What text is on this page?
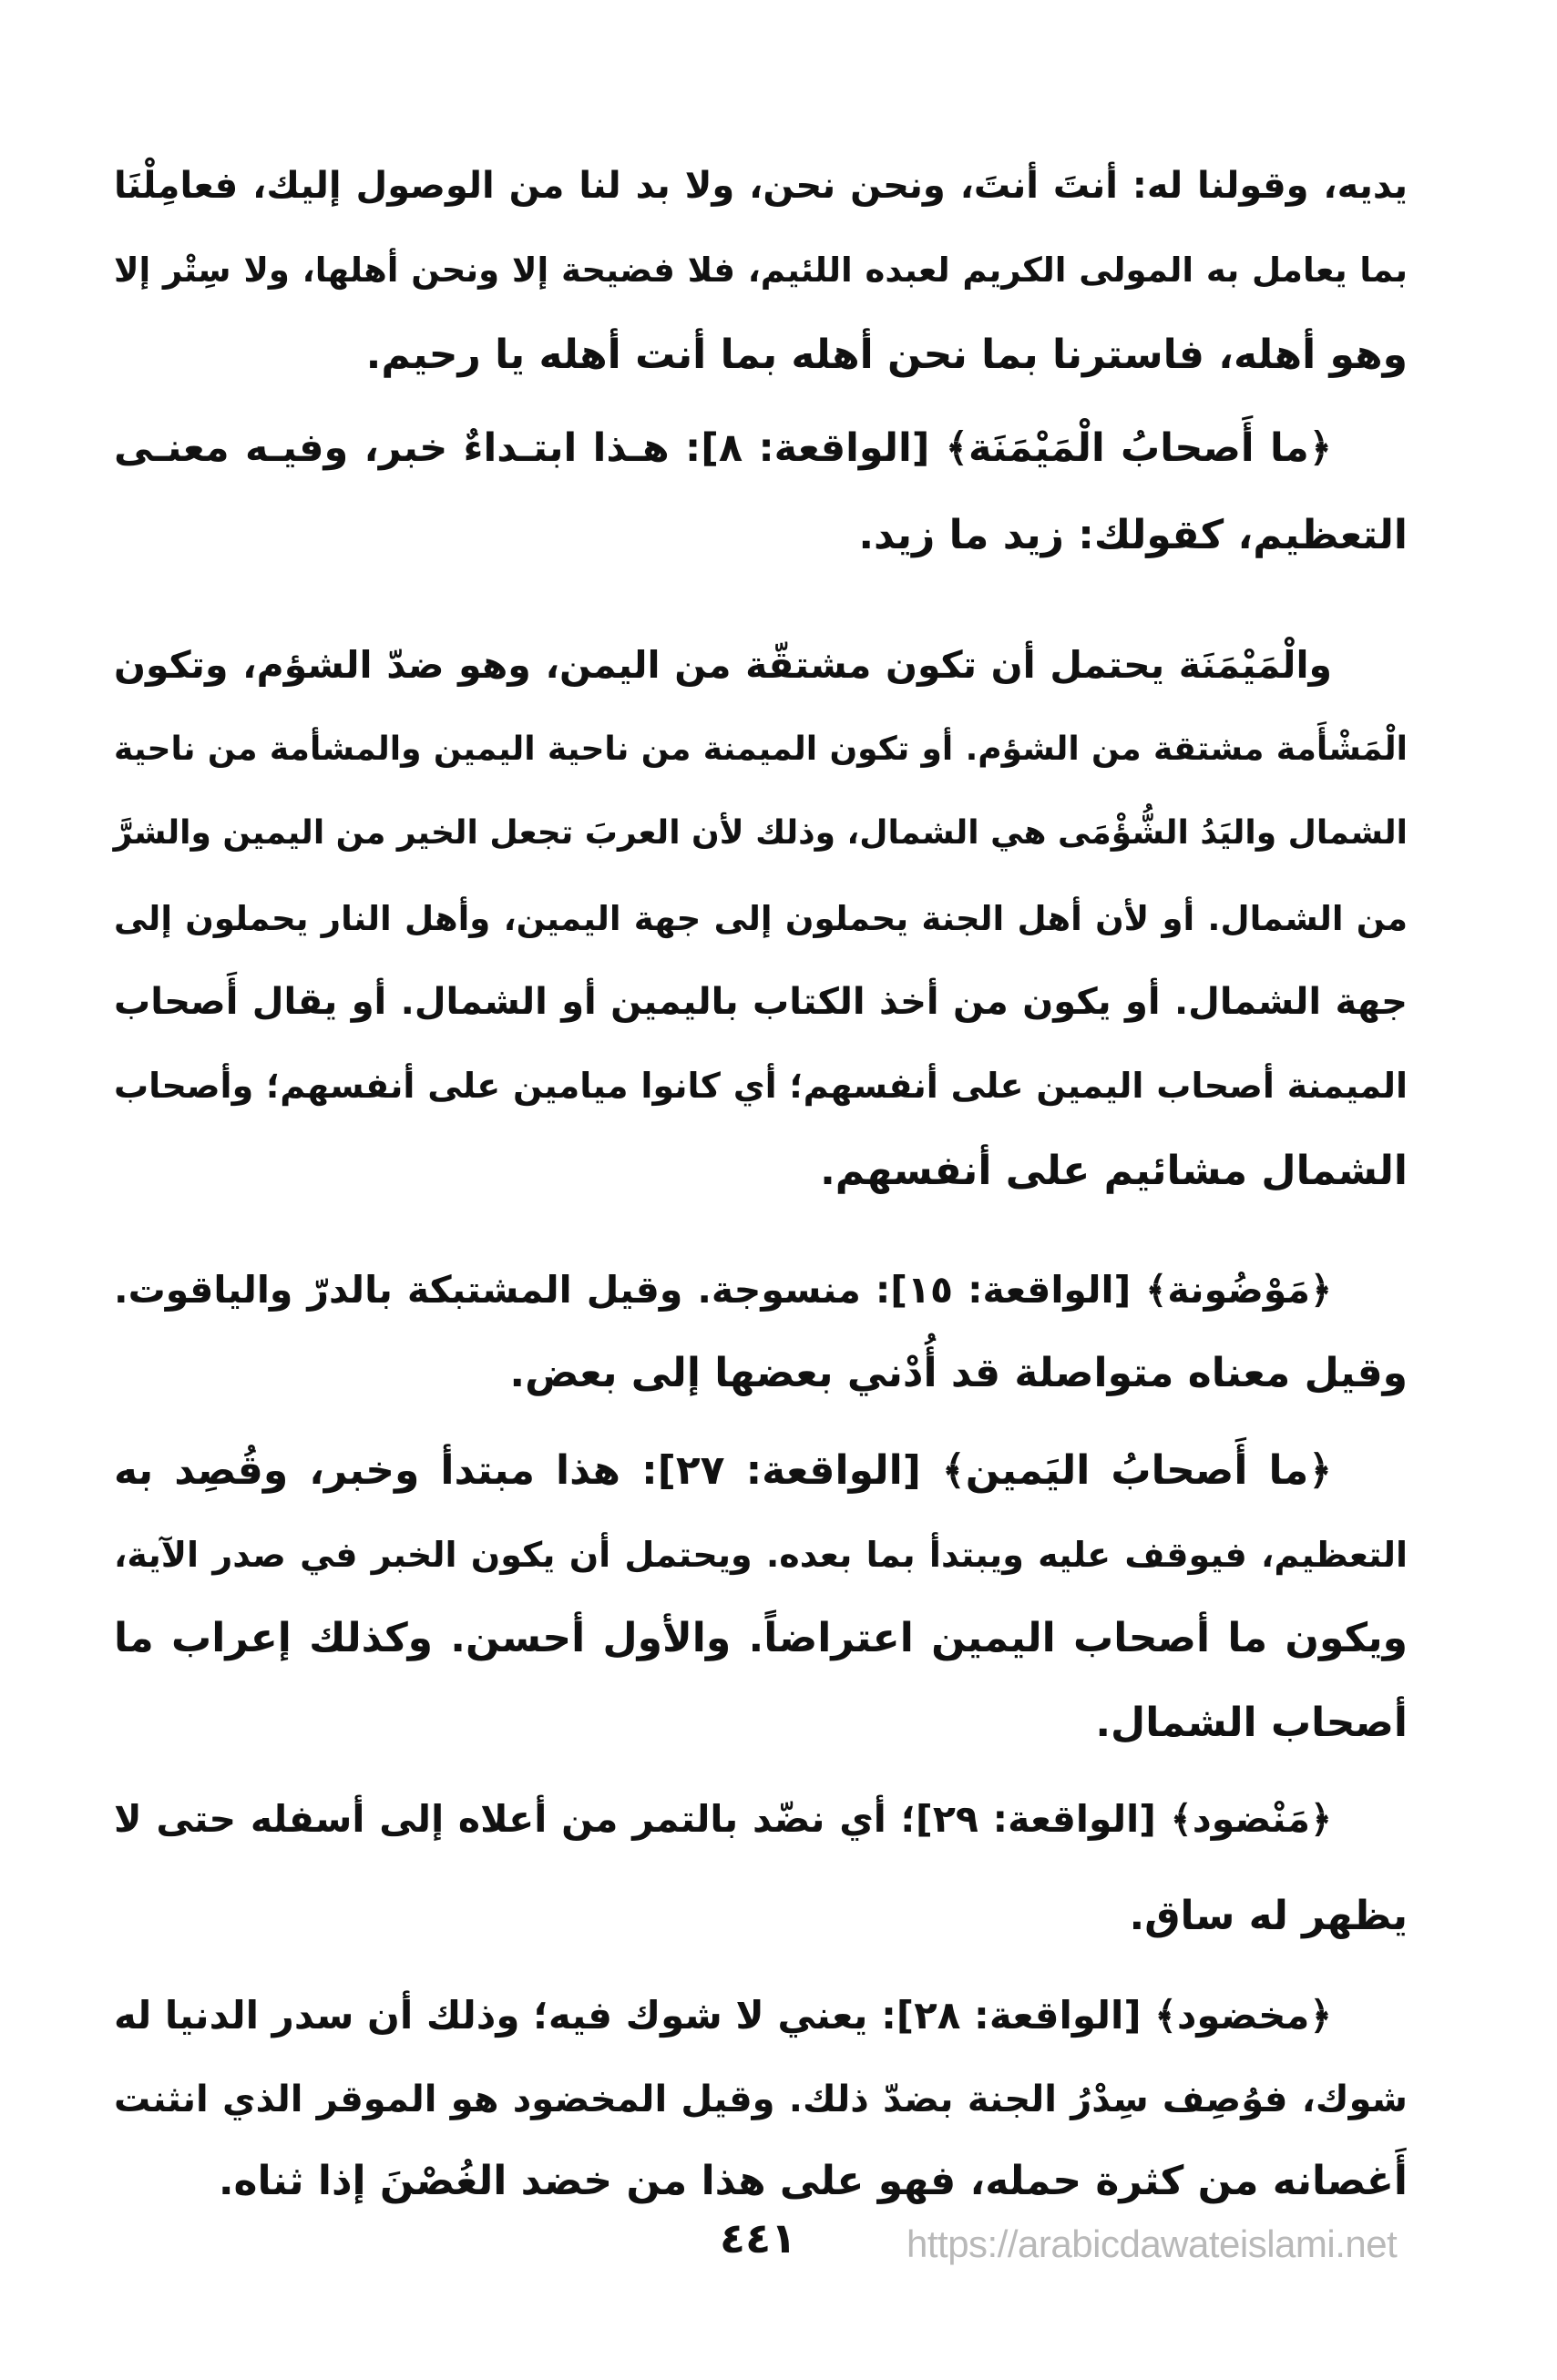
يديه، وقولنا له: أنتَ أنتَ، ونحن نحن، ولا بد لنا من الوصول إليك، فعامِلْنَا
بما يعامل به المولى الكريم لعبده اللئيم، فلا فضيحة إلا ونحن أهلها، ولا سِتْر إلا
وهو أهله، فاسترنا بما نحن أهله بما أنت أهله يا رحيم.
﴿ما أَصحابُ الْمَيْمَنَة﴾ [الواقعة: ٨]: هـذا ابتـداءٌ خبر، وفيـه معنـى
التعظيم، كقولك: زيد ما زيد.
والْمَيْمَنَة يحتمل أن تكون مشتقّة من اليمن، وهو ضدّ الشؤم، وتكون
الْمَشْأَمة مشتقة من الشؤم. أو تكون الميمنة من ناحية اليمين والمشأمة من ناحية
الشمال واليَدُ الشُّؤْمَى هي الشمال، وذلك لأن العربَ تجعل الخير من اليمين والشرَّ
من الشمال. أو لأن أهل الجنة يحملون إلى جهة اليمين، وأهل النار يحملون إلى
جهة الشمال. أو يكون من أخذ الكتاب باليمين أو الشمال. أو يقال أَصحاب
الميمنة أصحاب اليمين على أنفسهم؛ أي كانوا ميامين على أنفسهم؛ وأصحاب
الشمال مشائيم على أنفسهم.
﴿مَوْضُونة﴾ [الواقعة: ١٥]: منسوجة. وقيل المشتبكة بالدرّ والياقوت.
وقيل معناه متواصلة قد أُدْني بعضها إلى بعض.
﴿ما أَصحابُ اليَمين﴾ [الواقعة: ٢٧]: هذا مبتدأ وخبر، وقُصِد به
التعظيم، فيوقف عليه ويبتدأ بما بعده. ويحتمل أن يكون الخبر في صدر الآية،
ويكون ما أصحاب اليمين اعتراضاً. والأول أحسن. وكذلك إعراب ما
أصحاب الشمال.
﴿مَنْضود﴾ [الواقعة: ٢٩]؛ أي نضّد بالتمر من أعلاه إلى أسفله حتى لا
يظهر له ساق.
﴿مخضود﴾ [الواقعة: ٢٨]: يعني لا شوك فيه؛ وذلك أن سدر الدنيا له
شوك، فوُصِف سِدْرُ الجنة بضدّ ذلك. وقيل المخضود هو الموقر الذي انثنت
أَغصانه من كثرة حمله، فهو على هذا من خضد الغُصْنَ إذا ثناه.
٤٤١	https://arabicdawateislami.net
